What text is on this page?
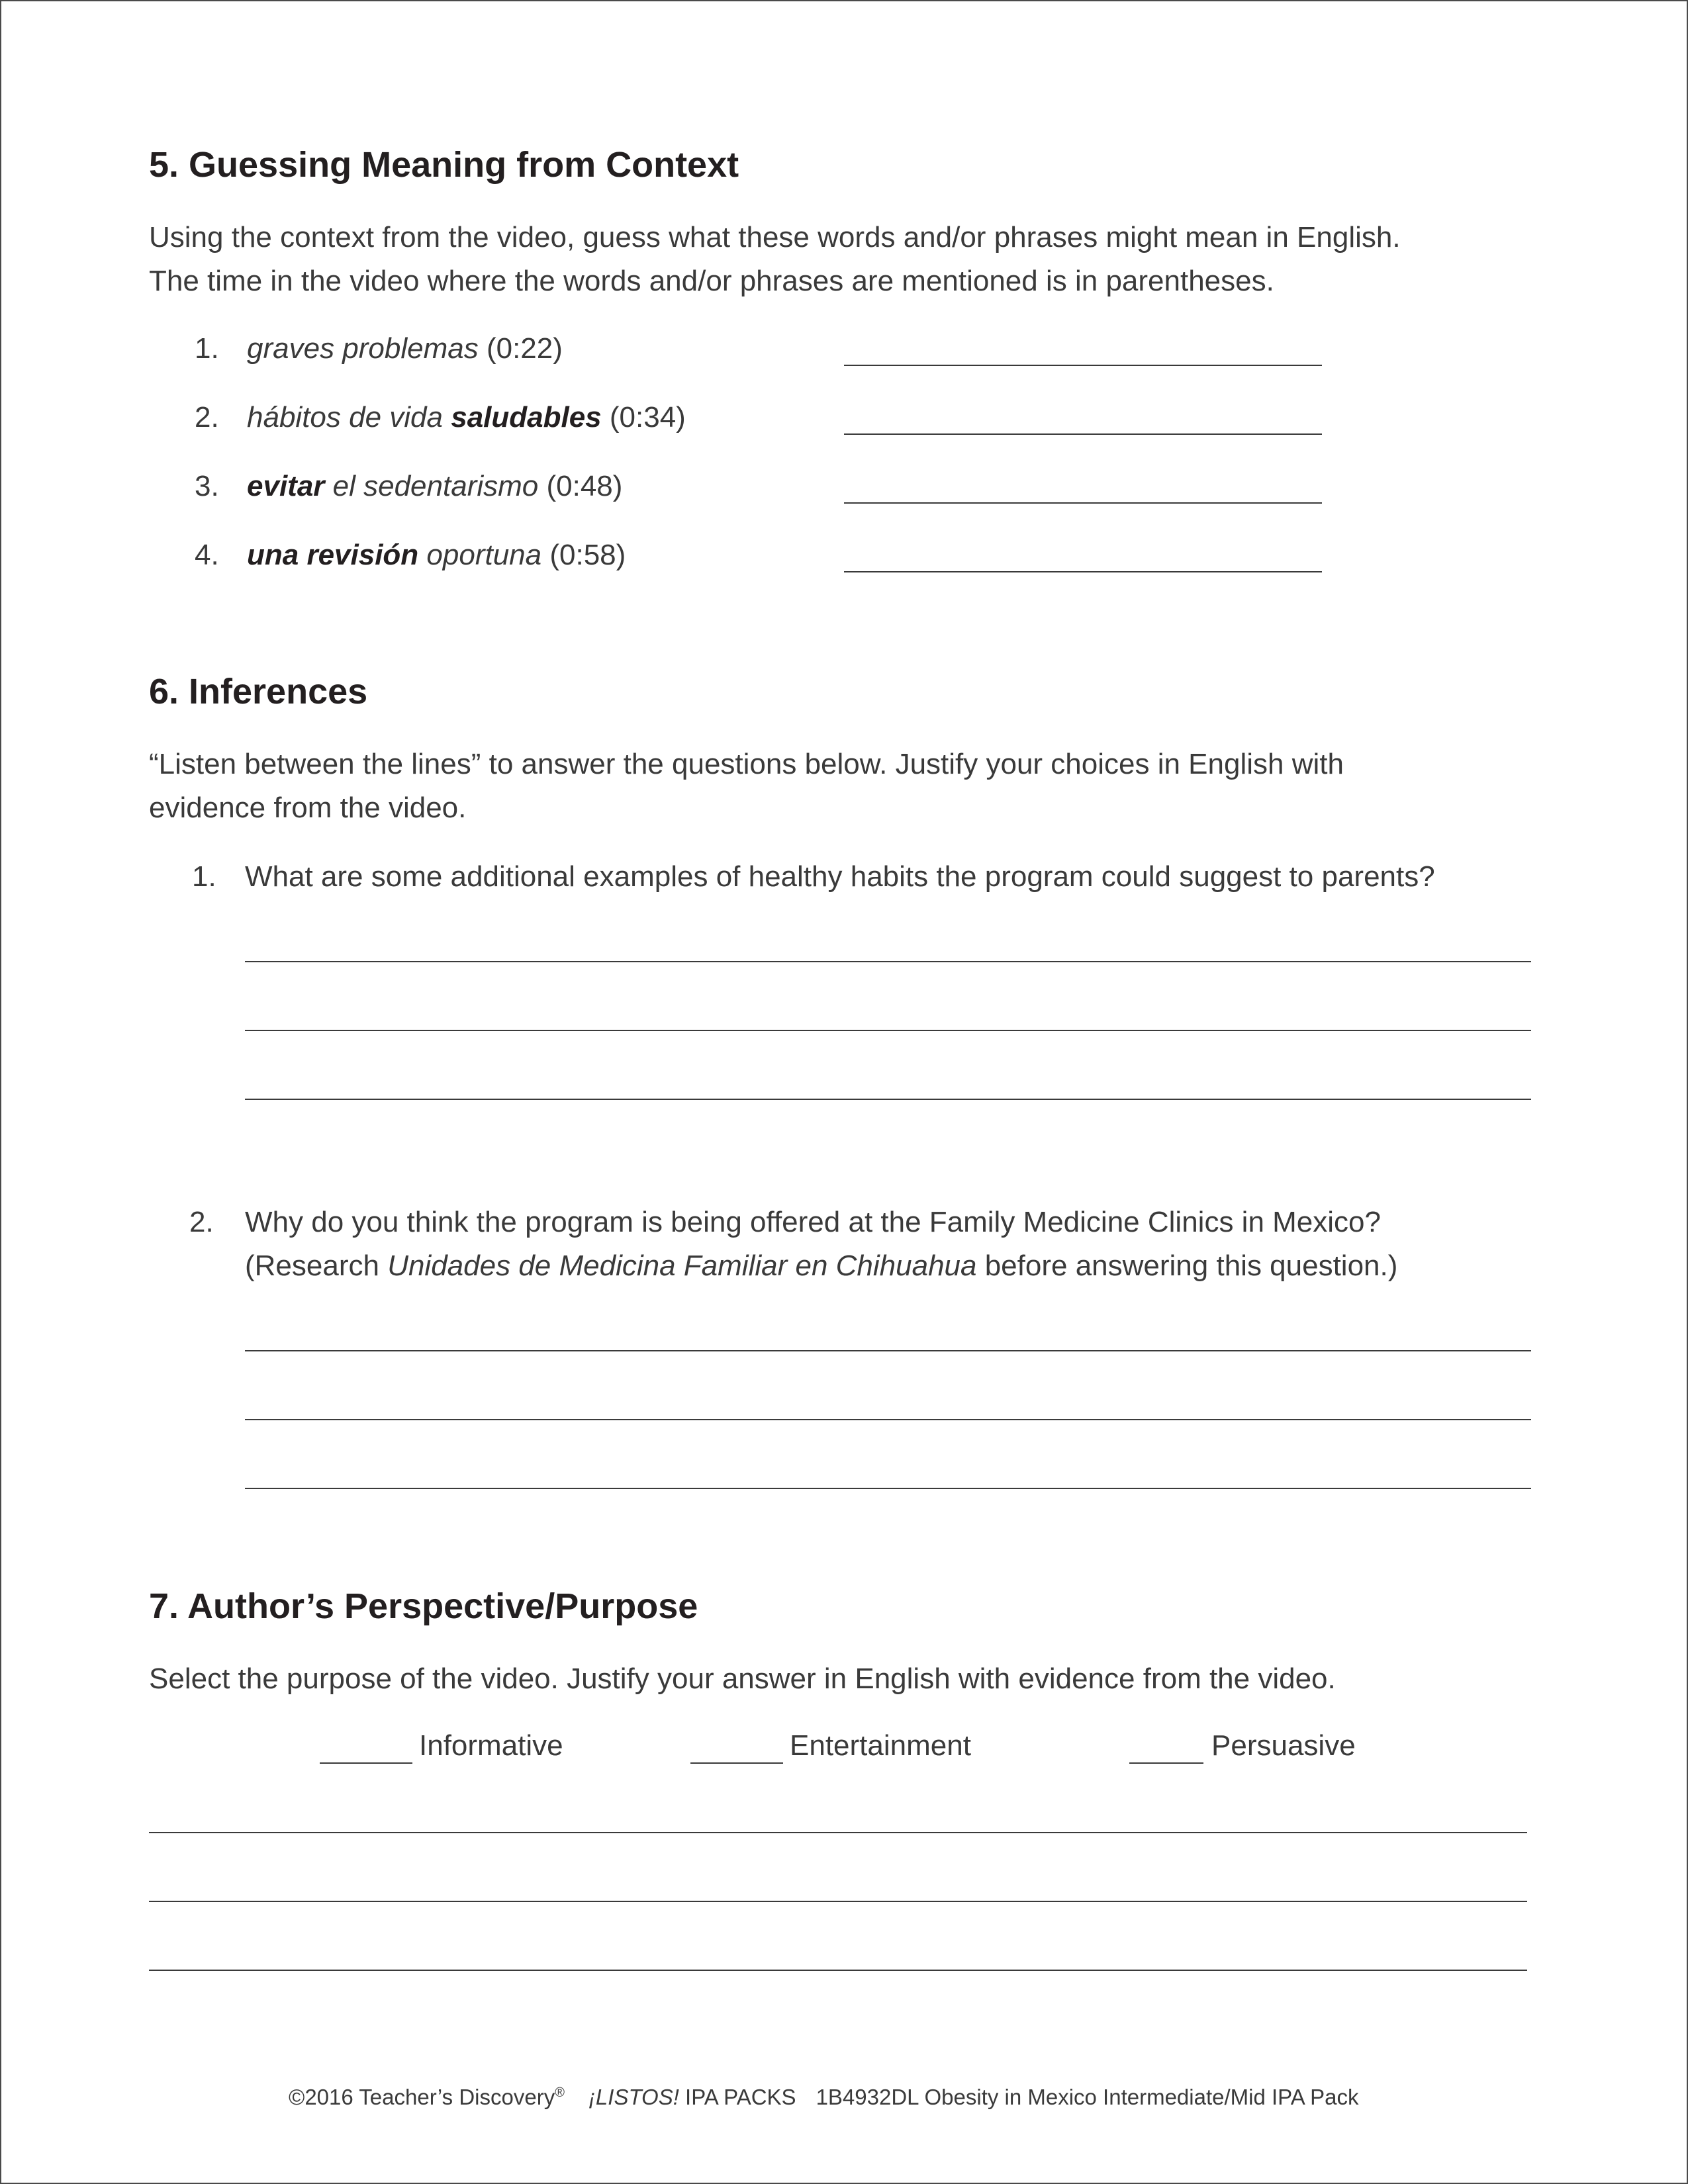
5. Guessing Meaning from Context
Using the context from the video, guess what these words and/or phrases might mean in English.
The time in the video where the words and/or phrases are mentioned is in parentheses.
1. graves problemas (0:22)
2. hábitos de vida saludables (0:34)
3. evitar el sedentarismo (0:48)
4. una revisión oportuna (0:58)
6. Inferences
“Listen between the lines” to answer the questions below. Justify your choices in English with
evidence from the video.
1. What are some additional examples of healthy habits the program could suggest to parents?
2. Why do you think the program is being offered at the Family Medicine Clinics in Mexico?
(Research Unidades de Medicina Familiar en Chihuahua before answering this question.)
7. Author’s Perspective/Purpose
Select the purpose of the video. Justify your answer in English with evidence from the video.
Informative	Entertainment	Persuasive
©2016 Teacher’s Discovery® ¡LISTOS! IPA PACKS 1B4932DL Obesity in Mexico Intermediate/Mid IPA Pack
